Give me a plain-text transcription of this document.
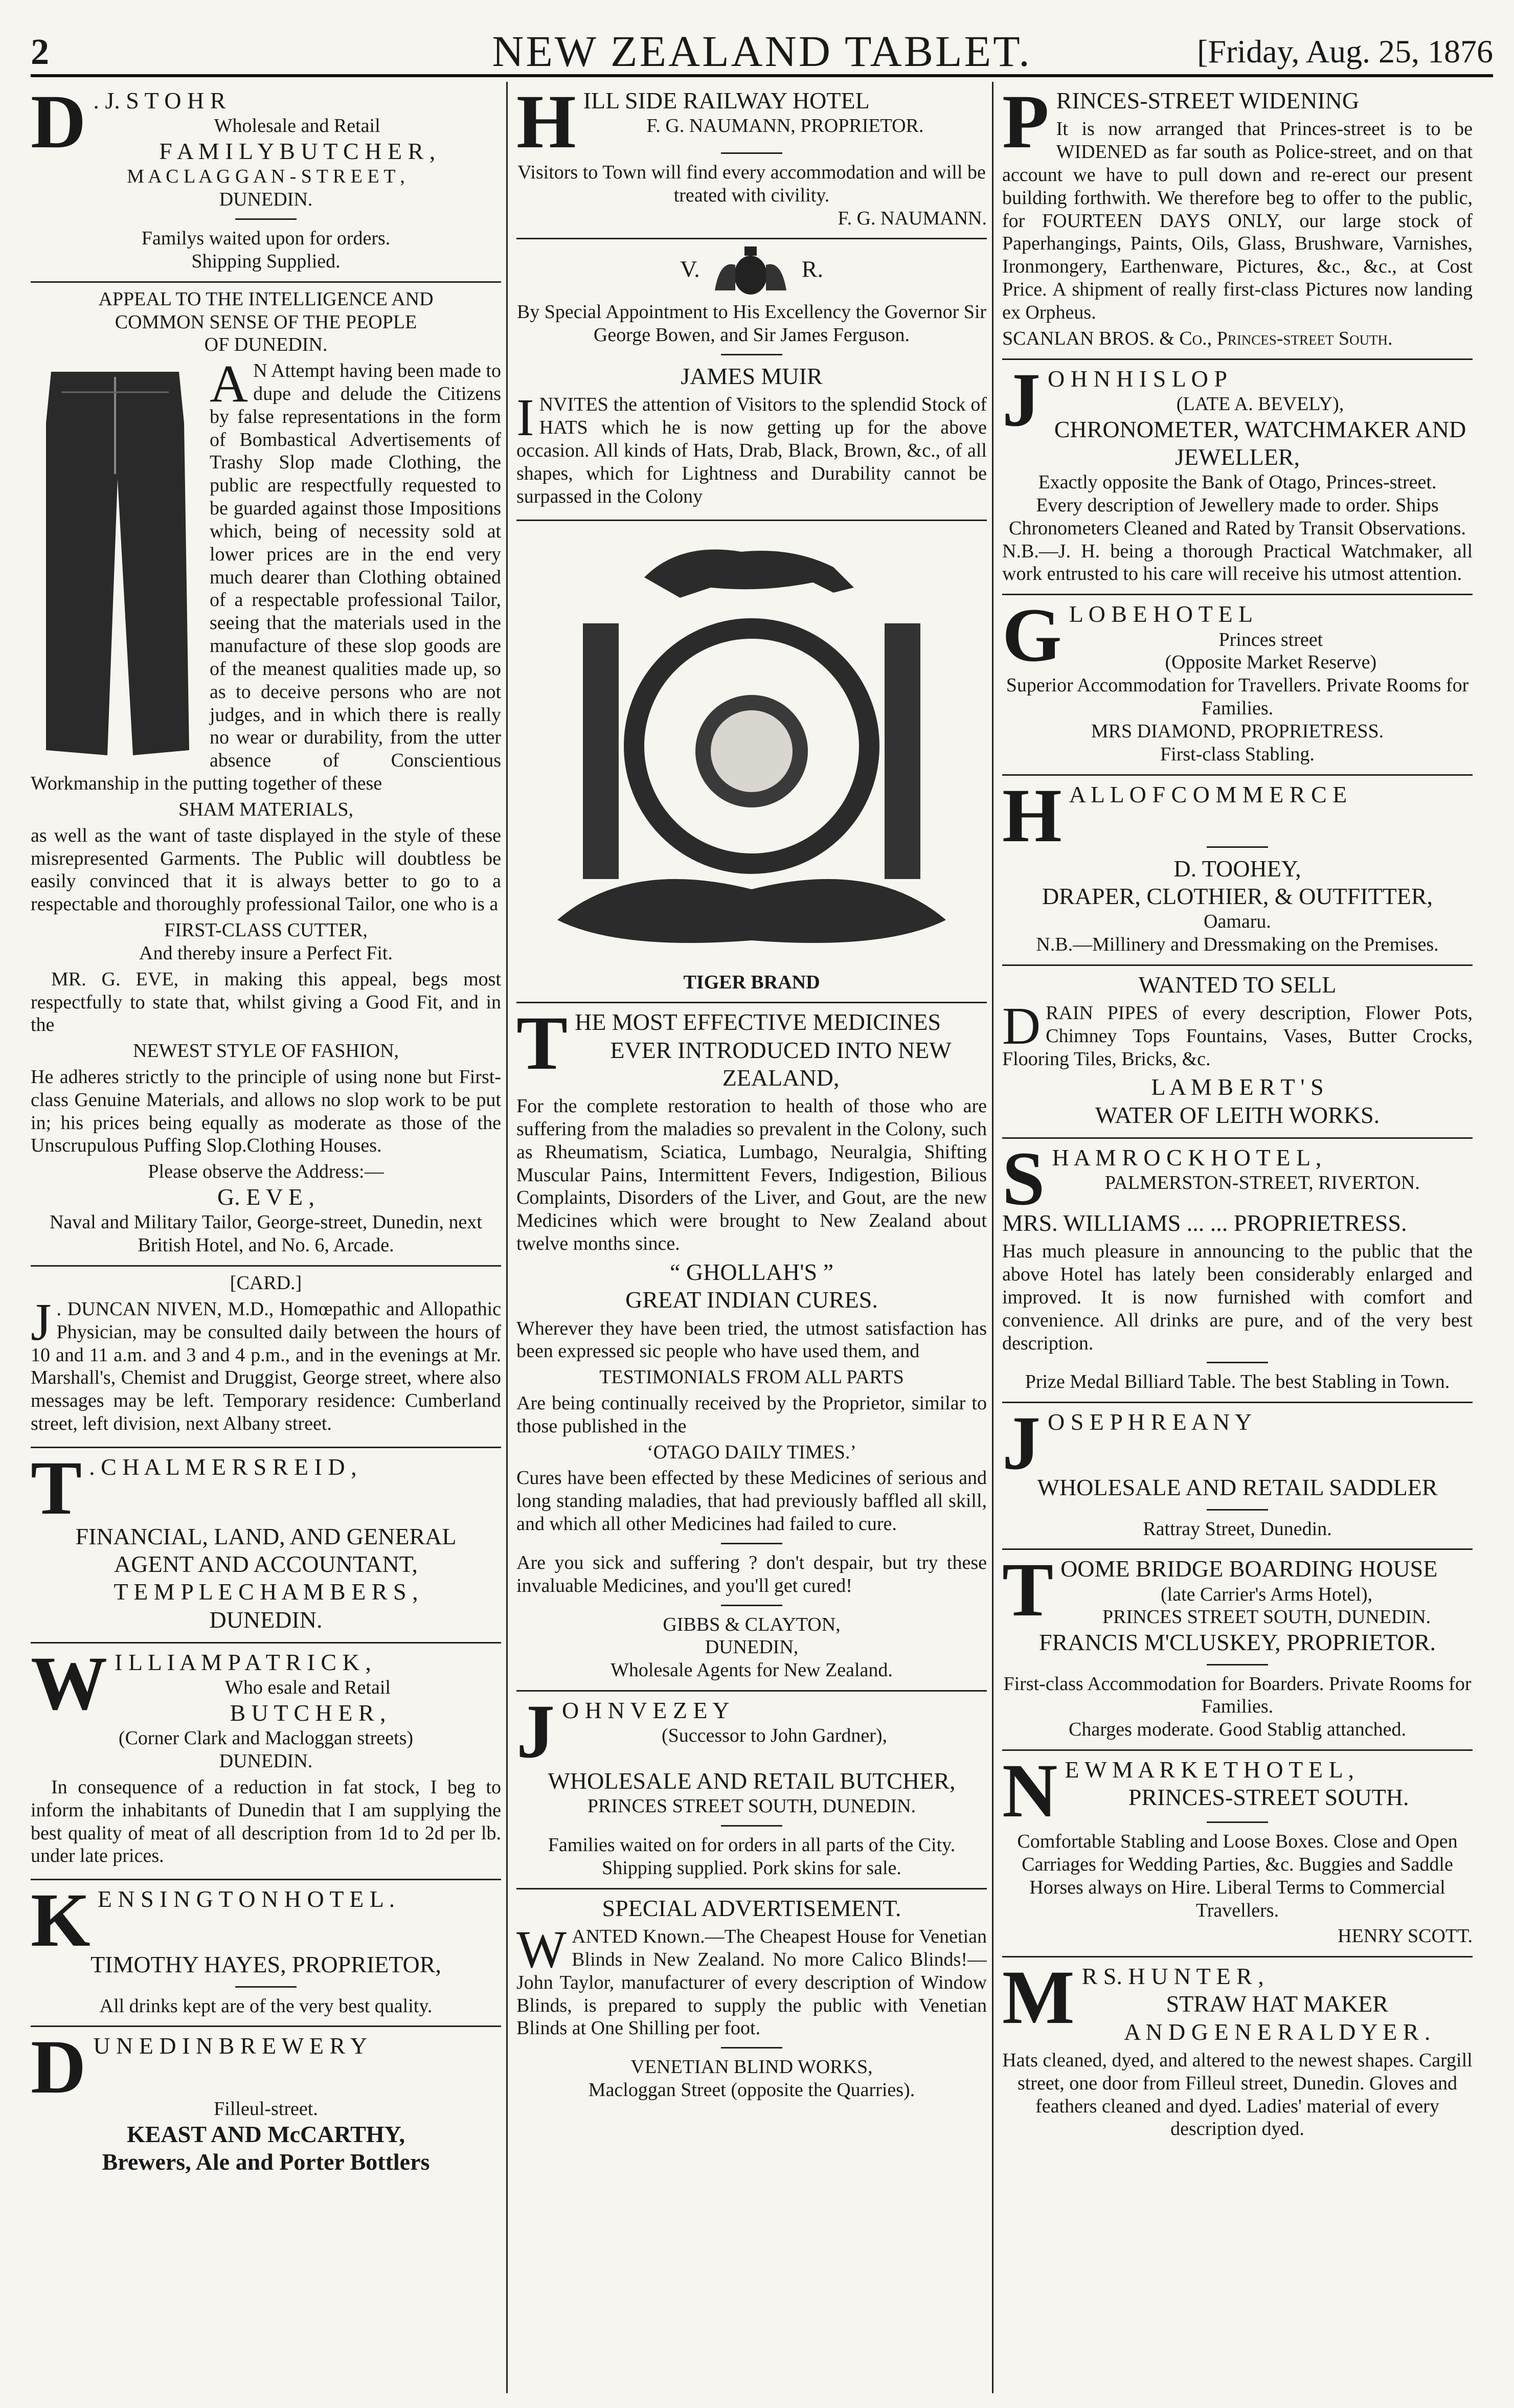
2	NEW ZEALAND TABLET.	[Friday, Aug. 25, 1876
D . J. S T O H R
Wholesale and Retail
F A M I L Y B U T C H E R ,
M A C L A G G A N - S T R E E T ,
DUNEDIN.
Familys waited upon for orders.
Shipping Supplied.
APPEAL TO THE INTELLIGENCE AND
COMMON SENSE OF THE PEOPLE
OF DUNEDIN.

A N Attempt having been made to dupe and delude the Citizens by false representations in the form of Bombastical Advertisements of Trashy Slop made Clothing, the public are respectfully requested to be guarded against those Impositions which, being of necessity sold at lower prices are in the end very much dearer than Clothing obtained of a respectable professional Tailor, seeing that the materials used in the manufacture of these slop goods are of the meanest qualities made up, so as to deceive persons who are not judges, and in which there is really no wear or durability, from the utter absence of Conscientious Workmanship in the putting together of these

SHAM MATERIALS,

as well as the want of taste displayed in the style of these misrepresented Garments. The Public will doubtless be easily convinced that it is always better to go to a respectable and thoroughly professional Tailor, one who is a

FIRST-CLASS CUTTER,
And thereby insure a Perfect Fit.

MR. G. EVE, in making this appeal, begs most respectfully to state that, whilst giving a Good Fit, and in the

NEWEST STYLE OF FASHION,

He adheres strictly to the principle of using none but First-class Genuine Materials, and allows no slop work to be put in; his prices being equally as moderate as those of the Unscrupulous Puffing Slop.Clothing Houses.

Please observe the Address:—
G. E V E ,
Naval and Military Tailor, George-street, Dunedin, next British Hotel, and No. 6, Arcade.
[CARD.]

J . DUNCAN NIVEN, M.D., Homœpathic and Allopathic Physician, may be consulted daily between the hours of 10 and 11 a.m. and 3 and 4 p.m., and in the evenings at Mr. Marshall's, Chemist and Druggist, George street, where also messages may be left. Temporary residence: Cumberland street, left division, next Albany street.

T . C H A L M E R S R E I D ,
FINANCIAL, LAND, AND GENERAL
AGENT AND ACCOUNTANT,
T E M P L E C H A M B E R S ,
DUNEDIN.
W I L L I A M P A T R I C K ,
Who esale and Retail
B U T C H E R ,
(Corner Clark and Macloggan streets)
DUNEDIN.

In consequence of a reduction in fat stock, I beg to inform the inhabitants of Dunedin that I am supplying the best quality of meat of all description from 1d to 2d per lb. under late prices.

K E N S I N G T O N H O T E L .
TIMOTHY HAYES, PROPRIETOR,
All drinks kept are of the very best quality.
D U N E D I N B R E W E R Y
Filleul-street.
KEAST AND McCARTHY,
Brewers, Ale and Porter Bottlers
HILL SIDE RAILWAY HOTEL
F. G. NAUMANN, PROPRIETOR.
Visitors to Town will find every accommodation and will be treated with civility.
F. G. NAUMANN.
V.	R.
By Special Appointment to His Excellency the Governor Sir George Bowen, and Sir James Ferguson.
JAMES MUIR

INVITES the attention of Visitors to the splendid Stock of HATS which he is now getting up for the above occasion. All kinds of Hats, Drab, Black, Brown, &c., of all shapes, which for Lightness and Durability cannot be surpassed in the Colony

TIGER BRAND
THE MOST EFFECTIVE MEDICINES
EVER INTRODUCED INTO NEW
ZEALAND,

For the complete restoration to health of those who are suffering from the maladies so prevalent in the Colony, such as Rheumatism, Sciatica, Lumbago, Neuralgia, Shifting Muscular Pains, Intermittent Fevers, Indigestion, Bilious Complaints, Disorders of the Liver, and Gout, are the new Medicines which were brought to New Zealand about twelve months since.

“ GHOLLAH'S ”
GREAT INDIAN CURES.

Wherever they have been tried, the utmost satisfaction has been expressed sic people who have used them, and

TESTIMONIALS FROM ALL PARTS

Are being continually received by the Proprietor, similar to those published in the

‘OTAGO DAILY TIMES.’

Cures have been effected by these Medicines of serious and long standing maladies, that had previously baffled all skill, and which all other Medicines had failed to cure.

Are you sick and suffering ? don't despair, but try these invaluable Medicines, and you'll get cured!

GIBBS & CLAYTON,
DUNEDIN,
Wholesale Agents for New Zealand.
J O H N V E Z E Y
(Successor to John Gardner),
WHOLESALE AND RETAIL BUTCHER,
PRINCES STREET SOUTH, DUNEDIN.
Families waited on for orders in all parts of the City.
Shipping supplied. Pork skins for sale.
SPECIAL ADVERTISEMENT.

WANTED Known.—The Cheapest House for Venetian Blinds in New Zealand. No more Calico Blinds!—John Taylor, manufacturer of every description of Window Blinds, is prepared to supply the public with Venetian Blinds at One Shilling per foot.

VENETIAN BLIND WORKS,
Macloggan Street (opposite the Quarries).
PRINCES-STREET WIDENING

It is now arranged that Princes-street is to be WIDENED as far south as Police-street, and on that account we have to pull down and re-erect our present building forthwith. We therefore beg to offer to the public, for FOURTEEN DAYS ONLY, our large stock of Paperhangings, Paints, Oils, Glass, Brushware, Varnishes, Ironmongery, Earthenware, Pictures, &c., &c., at Cost Price. A shipment of really first-class Pictures now landing ex Orpheus.

SCANLAN BROS. & Co., Princes-street South.
J O H N H I S L O P
(LATE A. BEVELY),
CHRONOMETER, WATCHMAKER AND JEWELLER,
Exactly opposite the Bank of Otago, Princes-street.
Every description of Jewellery made to order. Ships Chronometers Cleaned and Rated by Transit Observations.
N.B.—J. H. being a thorough Practical Watchmaker, all work entrusted to his care will receive his utmost attention.
G L O B E H O T E L
Princes street
(Opposite Market Reserve)
Superior Accommodation for Travellers. Private Rooms for Families.
MRS DIAMOND, PROPRIETRESS.
First-class Stabling.
H A L L O F C O M M E R C E
D. TOOHEY,
DRAPER, CLOTHIER, & OUTFITTER,
Oamaru.
N.B.—Millinery and Dressmaking on the Premises.
WANTED TO SELL

DRAIN PIPES of every description, Flower Pots, Chimney Tops Fountains, Vases, Butter Crocks, Flooring Tiles, Bricks, &c.

L A M B E R T ' S
WATER OF LEITH WORKS.
S H A M R O C K H O T E L ,
PALMERSTON-STREET, RIVERTON.
MRS. WILLIAMS ... ... PROPRIETRESS.

Has much pleasure in announcing to the public that the above Hotel has lately been considerably enlarged and improved. It is now furnished with comfort and convenience. All drinks are pure, and of the very best description.

Prize Medal Billiard Table. The best Stabling in Town.
J O S E P H R E A N Y
WHOLESALE AND RETAIL SADDLER
Rattray Street, Dunedin.
TOOME BRIDGE BOARDING HOUSE
(late Carrier's Arms Hotel),
PRINCES STREET SOUTH, DUNEDIN.
FRANCIS M'CLUSKEY, PROPRIETOR.
First-class Accommodation for Boarders. Private Rooms for Families.
Charges moderate. Good Stablig attanched.
N E W M A R K E T H O T E L ,
PRINCES-STREET SOUTH.

Comfortable Stabling and Loose Boxes. Close and Open Carriages for Wedding Parties, &c. Buggies and Saddle Horses always on Hire. Liberal Terms to Commercial Travellers.

HENRY SCOTT.
M R S. H U N T E R ,
STRAW HAT MAKER
A N D G E N E R A L D Y E R .

Hats cleaned, dyed, and altered to the newest shapes. Cargill street, one door from Filleul street, Dunedin. Gloves and feathers cleaned and dyed. Ladies' material of every description dyed.
